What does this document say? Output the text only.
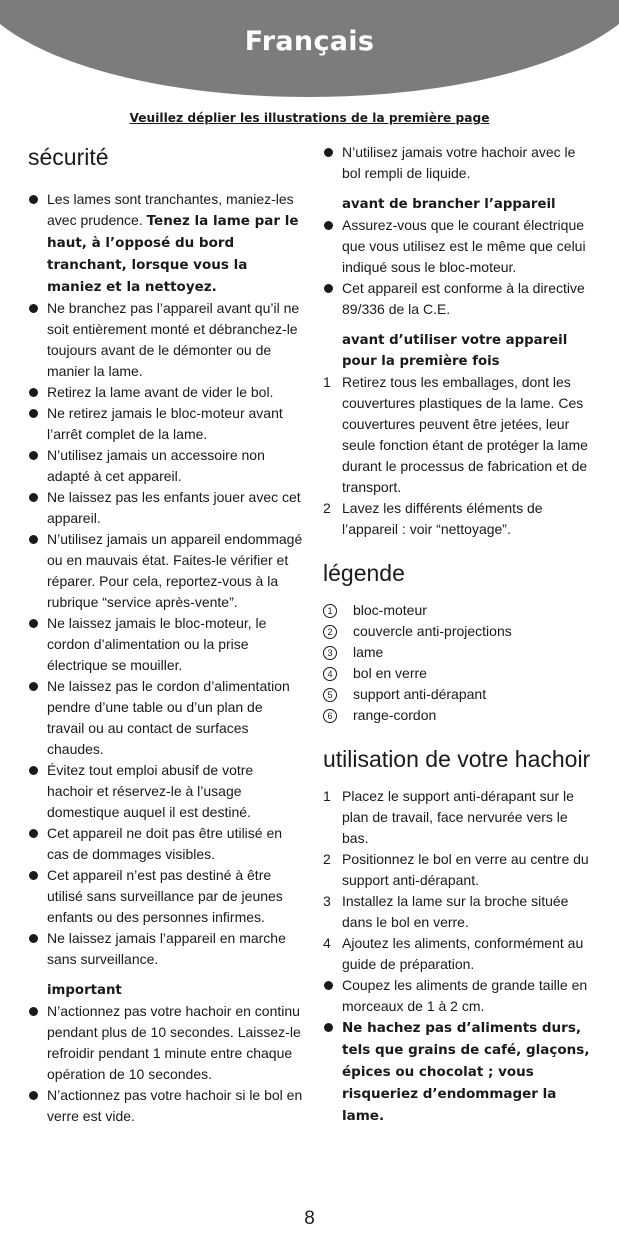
Français
Veuillez déplier les illustrations de la première page
sécurité
Les lames sont tranchantes, maniez-les avec prudence. Tenez la lame par le haut, à l’opposé du bord tranchant, lorsque vous la maniez et la nettoyez.
Ne branchez pas l’appareil avant qu’il ne soit entièrement monté et débranchez-le toujours avant de le démonter ou de manier la lame.
Retirez la lame avant de vider le bol.
Ne retirez jamais le bloc-moteur avant l’arrêt complet de la lame.
N’utilisez jamais un accessoire non adapté à cet appareil.
Ne laissez pas les enfants jouer avec cet appareil.
N’utilisez jamais un appareil endommagé ou en mauvais état. Faites-le vérifier et réparer. Pour cela, reportez-vous à la rubrique “service après-vente”.
Ne laissez jamais le bloc-moteur, le cordon d’alimentation ou la prise électrique se mouiller.
Ne laissez pas le cordon d’alimentation pendre d’une table ou d’un plan de travail ou au contact de surfaces chaudes.
Évitez tout emploi abusif de votre hachoir et réservez-le à l’usage domestique auquel il est destiné.
Cet appareil ne doit pas être utilisé en cas de dommages visibles.
Cet appareil n’est pas destiné à être utilisé sans surveillance par de jeunes enfants ou des personnes infirmes.
Ne laissez jamais l’appareil en marche sans surveillance.
important
N’actionnez pas votre hachoir en continu pendant plus de 10 secondes. Laissez-le refroidir pendant 1 minute entre chaque opération de 10 secondes.
N’actionnez pas votre hachoir si le bol en verre est vide.
N’utilisez jamais votre hachoir avec le bol rempli de liquide.
avant de brancher l’appareil
Assurez-vous que le courant électrique que vous utilisez est le même que celui indiqué sous le bloc-moteur.
Cet appareil est conforme à la directive 89/336 de la C.E.
avant d’utiliser votre appareil pour la première fois
1 Retirez tous les emballages, dont les couvertures plastiques de la lame. Ces couvertures peuvent être jetées, leur seule fonction étant de protéger la lame durant le processus de fabrication et de transport.
2 Lavez les différents éléments de l’appareil : voir “nettoyage”.
légende
1	bloc-moteur
2	couvercle anti-projections
3	lame
4	bol en verre
5	support anti-dérapant
6	range-cordon
utilisation de votre hachoir
1 Placez le support anti-dérapant sur le plan de travail, face nervurée vers le bas.
2 Positionnez le bol en verre au centre du support anti-dérapant.
3 Installez la lame sur la broche située dans le bol en verre.
4 Ajoutez les aliments, conformément au guide de préparation.
Coupez les aliments de grande taille en morceaux de 1 à 2 cm.
Ne hachez pas d’aliments durs, tels que grains de café, glaçons, épices ou chocolat ; vous risqueriez d’endommager la lame.
8
